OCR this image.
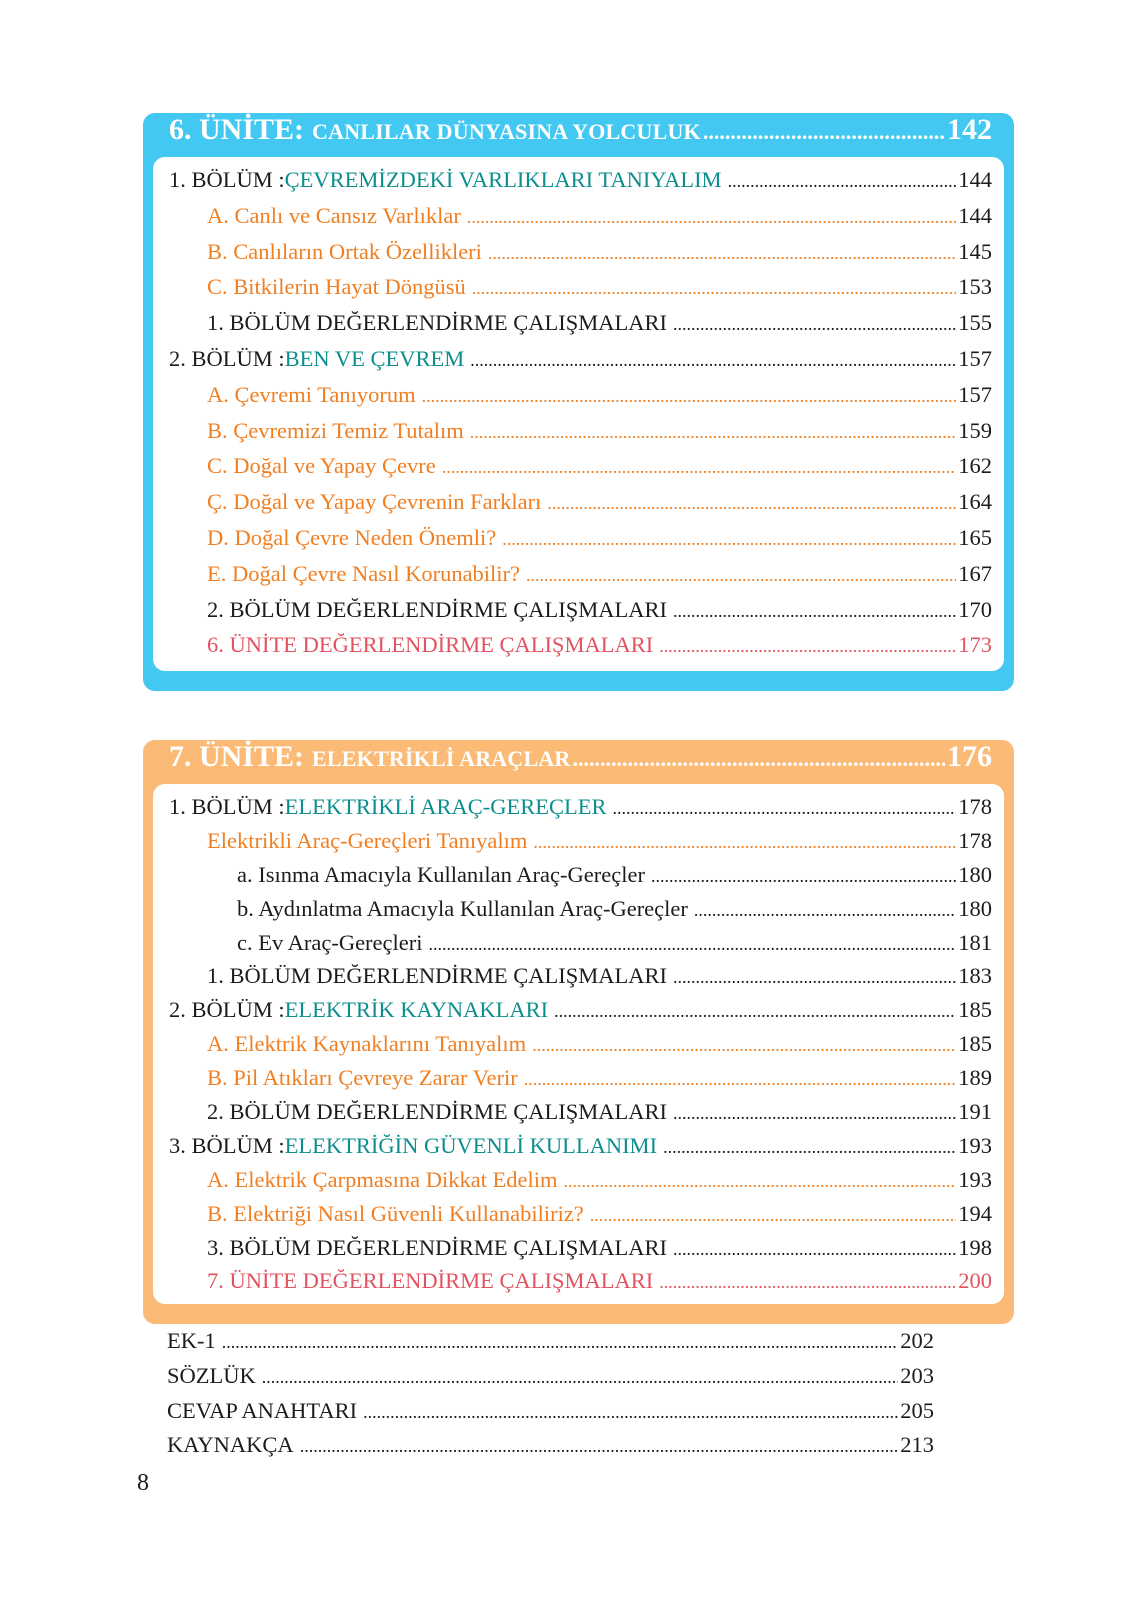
6. ÜNİTE: CANLILAR DÜNYASINA YOLCULUK .....	142
1. BÖLÜM : ÇEVREMİZDEKİ VARLIKLARI TANIYALIM .....	144
A. Canlı ve Cansız Varlıklar .....	144
B. Canlıların Ortak Özellikleri .....	145
C. Bitkilerin Hayat Döngüsü .....	153
1. BÖLÜM DEĞERLENDİRME ÇALIŞMALARI .....	155
2. BÖLÜM : BEN VE ÇEVREM .....	157
A. Çevremi Tanıyorum .....	157
B. Çevremizi Temiz Tutalım .....	159
C. Doğal ve Yapay Çevre .....	162
Ç. Doğal ve Yapay Çevrenin Farkları .....	164
D. Doğal Çevre Neden Önemli? .....	165
E. Doğal Çevre Nasıl Korunabilir? .....	167
2. BÖLÜM DEĞERLENDİRME ÇALIŞMALARI .....	170
6. ÜNİTE DEĞERLENDİRME ÇALIŞMALARI .....	173
7. ÜNİTE: ELEKTRİKLİ ARAÇLAR .....	176
1. BÖLÜM : ELEKTRİKLİ ARAÇ-GEREÇLER .....	178
Elektrikli Araç-Gereçleri Tanıyalım .....	178
a. Isınma Amacıyla Kullanılan Araç-Gereçler .....	180
b. Aydınlatma Amacıyla Kullanılan Araç-Gereçler .....	180
c. Ev Araç-Gereçleri .....	181
1. BÖLÜM DEĞERLENDİRME ÇALIŞMALARI .....	183
2. BÖLÜM : ELEKTRİK KAYNAKLARI .....	185
A. Elektrik Kaynaklarını Tanıyalım .....	185
B. Pil Atıkları Çevreye Zarar Verir .....	189
2. BÖLÜM DEĞERLENDİRME ÇALIŞMALARI .....	191
3. BÖLÜM : ELEKTRİĞİN GÜVENLİ KULLANIMI .....	193
A. Elektrik Çarpmasına Dikkat Edelim .....	193
B. Elektriği Nasıl Güvenli Kullanabiliriz? .....	194
3. BÖLÜM DEĞERLENDİRME ÇALIŞMALARI .....	198
7. ÜNİTE DEĞERLENDİRME ÇALIŞMALARI .....	200
EK-1 .....	202
SÖZLÜK .....	203
CEVAP ANAHTARI .....	205
KAYNAKÇA .....	213
8
